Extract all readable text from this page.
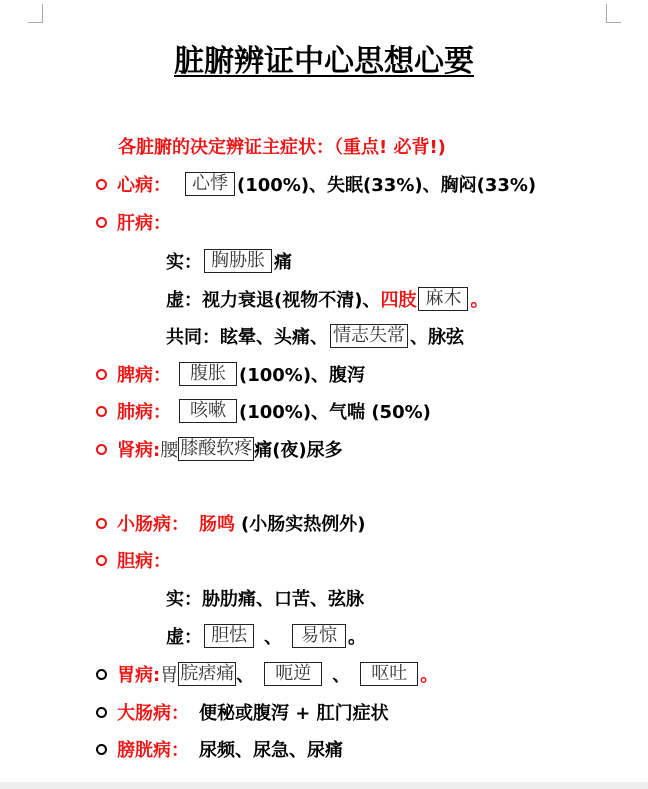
脏腑辨证中心思想心要
各脏腑的决定辨证主症状：（重点! 必背!)
心病：	心悸 (100%)、失眠(33%)、胸闷(33%)
肝病：
实： 胸胁胀 痛
虚：视力衰退(视物不清)、 四肢 麻木 。
共同：眩晕、头痛、 情志失常 、脉弦
脾病：	腹胀 (100%)、腹泻
肺病：	咳嗽 (100%)、气喘 (50%)
肾病: 腰 膝酸软疼 痛(夜)尿多
小肠病： 肠鸣 (小肠实热例外)
胆病：
实：胁肋痛、口苦、弦脉
虚： 胆怯 、	易惊 。
胃病: 胃 脘痞痛 、	呃逆	、	呕吐 。
大肠病： 便秘或腹泻 + 肛门症状
膀胱病： 尿频、尿急、尿痛
